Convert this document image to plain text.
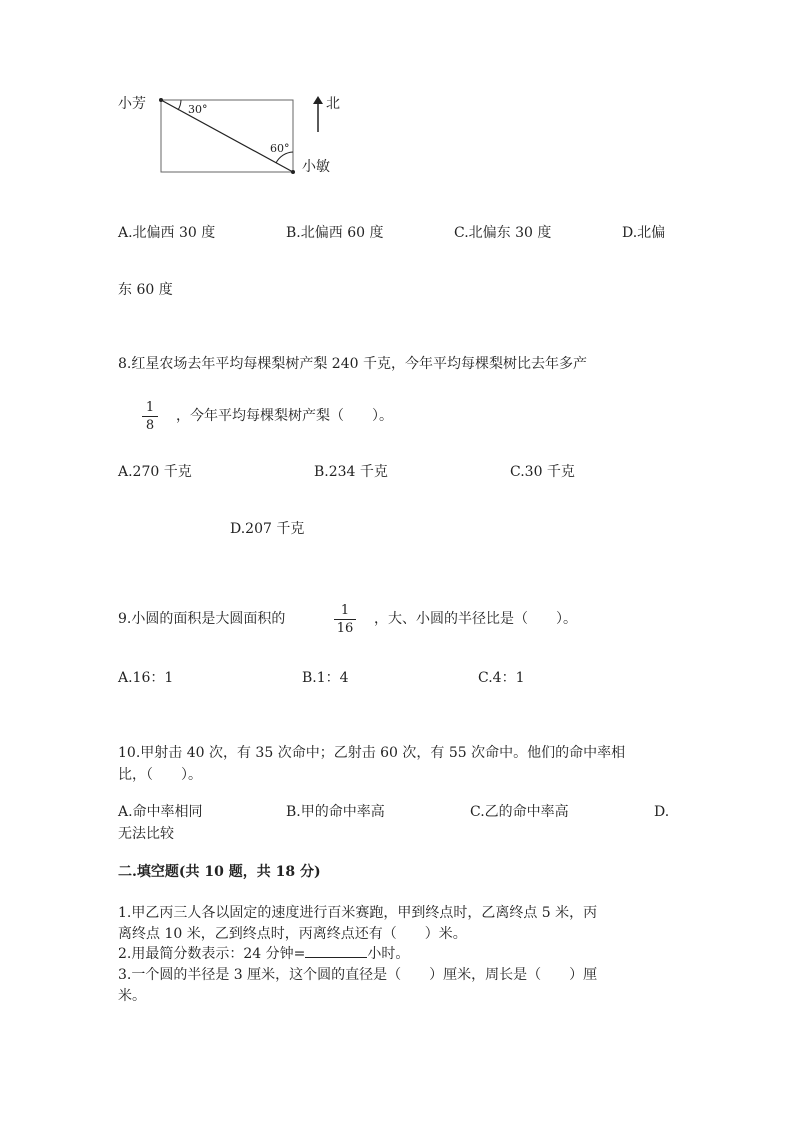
小芳	北
30°
60°
小敏
A.北偏西 30 度	B.北偏西 60 度	C.北偏东 30 度	D.北偏
东 60 度
8.红星农场去年平均每棵梨树产梨 240 千克，今年平均每棵梨树比去年多产
1
8
，今年平均每棵梨树产梨（　　）。
A.270 千克	B.234 千克	C.30 千克
D.207 千克
9.小圆的面积是大圆面积的
1
16
，大、小圆的半径比是（　　）。
A.16：1	B.1：4	C.4：1
10.甲射击 40 次，有 35 次命中；乙射击 60 次，有 55 次命中。他们的命中率相
比，（　　）。
A.命中率相同	B.甲的命中率高	C.乙的命中率高	D.
无法比较
二.填空题(共 10 题，共 18 分)
1.甲乙丙三人各以固定的速度进行百米赛跑，甲到终点时，乙离终点 5 米，丙
离终点 10 米，乙到终点时，丙离终点还有（　　）米。
2.用最简分数表示：24 分钟=	小时。
3.一个圆的半径是 3 厘米，这个圆的直径是（　　）厘米，周长是（　　）厘
米。
